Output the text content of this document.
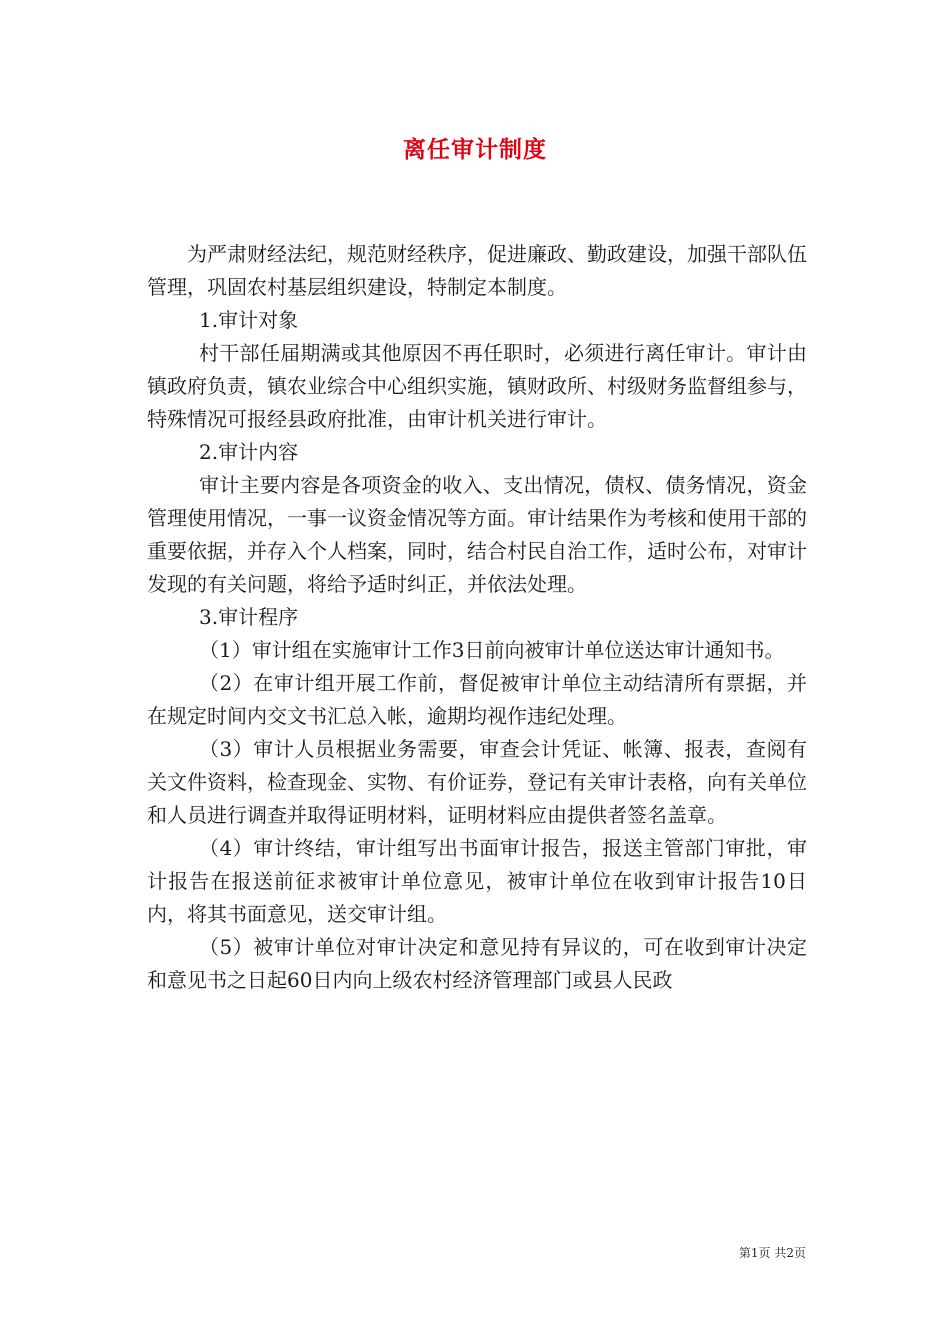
离任审计制度

为严肃财经法纪，规范财经秩序，促进廉政、勤政建设，加强干部队伍管理，巩固农村基层组织建设，特制定本制度。

1.审计对象

村干部任届期满或其他原因不再任职时，必须进行离任审计。审计由镇政府负责，镇农业综合中心组织实施，镇财政所、村级财务监督组参与，特殊情况可报经县政府批准，由审计机关进行审计。

2.审计内容

审计主要内容是各项资金的收入、支出情况，债权、债务情况，资金管理使用情况，一事一议资金情况等方面。审计结果作为考核和使用干部的重要依据，并存入个人档案，同时，结合村民自治工作，适时公布，对审计发现的有关问题，将给予适时纠正，并依法处理。

3.审计程序

（1）审计组在实施审计工作3日前向被审计单位送达审计通知书。

（2）在审计组开展工作前，督促被审计单位主动结清所有票据，并在规定时间内交文书汇总入帐，逾期均视作违纪处理。

（3）审计人员根据业务需要，审查会计凭证、帐簿、报表，查阅有关文件资料，检查现金、实物、有价证券，登记有关审计表格，向有关单位和人员进行调查并取得证明材料，证明材料应由提供者签名盖章。

（4）审计终结，审计组写出书面审计报告，报送主管部门审批，审计报告在报送前征求被审计单位意见，被审计单位在收到审计报告10日内，将其书面意见，送交审计组。

（5）被审计单位对审计决定和意见持有异议的，可在收到审计决定和意见书之日起60日内向上级农村经济管理部门或县人民政

第1页 共2页
